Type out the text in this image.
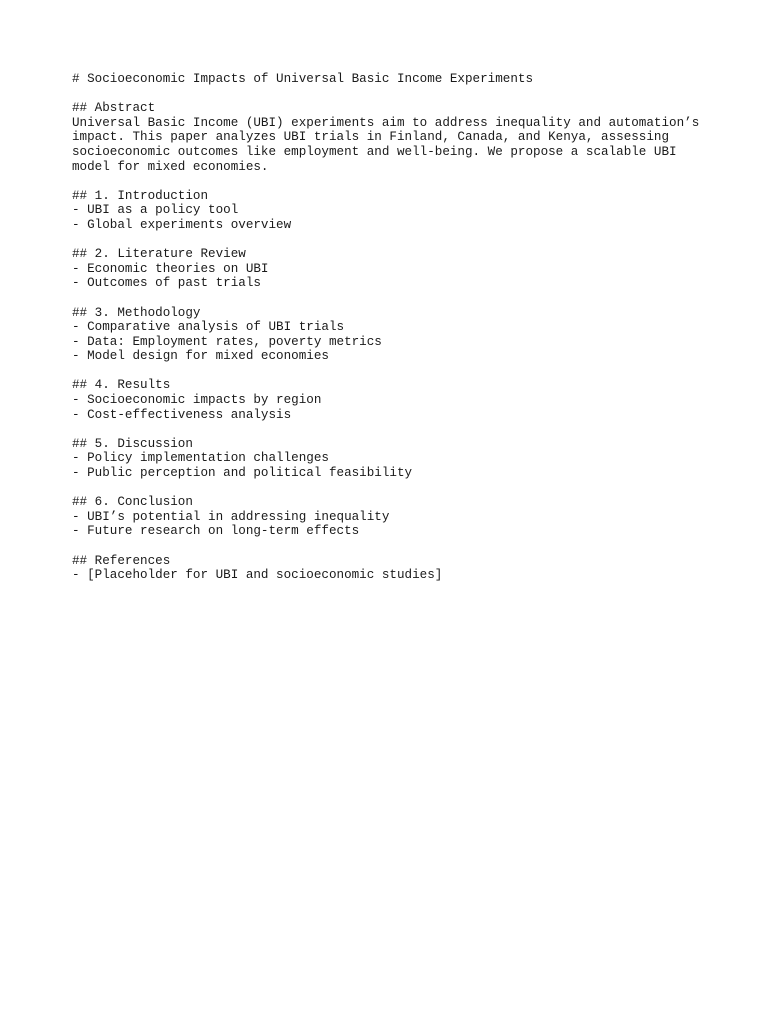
# Socioeconomic Impacts of Universal Basic Income Experiments
## Abstract
Universal Basic Income (UBI) experiments aim to address inequality and automation’s
impact. This paper analyzes UBI trials in Finland, Canada, and Kenya, assessing
socioeconomic outcomes like employment and well-being. We propose a scalable UBI
model for mixed economies.
## 1. Introduction
- UBI as a policy tool
- Global experiments overview
## 2. Literature Review
- Economic theories on UBI
- Outcomes of past trials
## 3. Methodology
- Comparative analysis of UBI trials
- Data: Employment rates, poverty metrics
- Model design for mixed economies
## 4. Results
- Socioeconomic impacts by region
- Cost-effectiveness analysis
## 5. Discussion
- Policy implementation challenges
- Public perception and political feasibility
## 6. Conclusion
- UBI’s potential in addressing inequality
- Future research on long-term effects
## References
- [Placeholder for UBI and socioeconomic studies]
